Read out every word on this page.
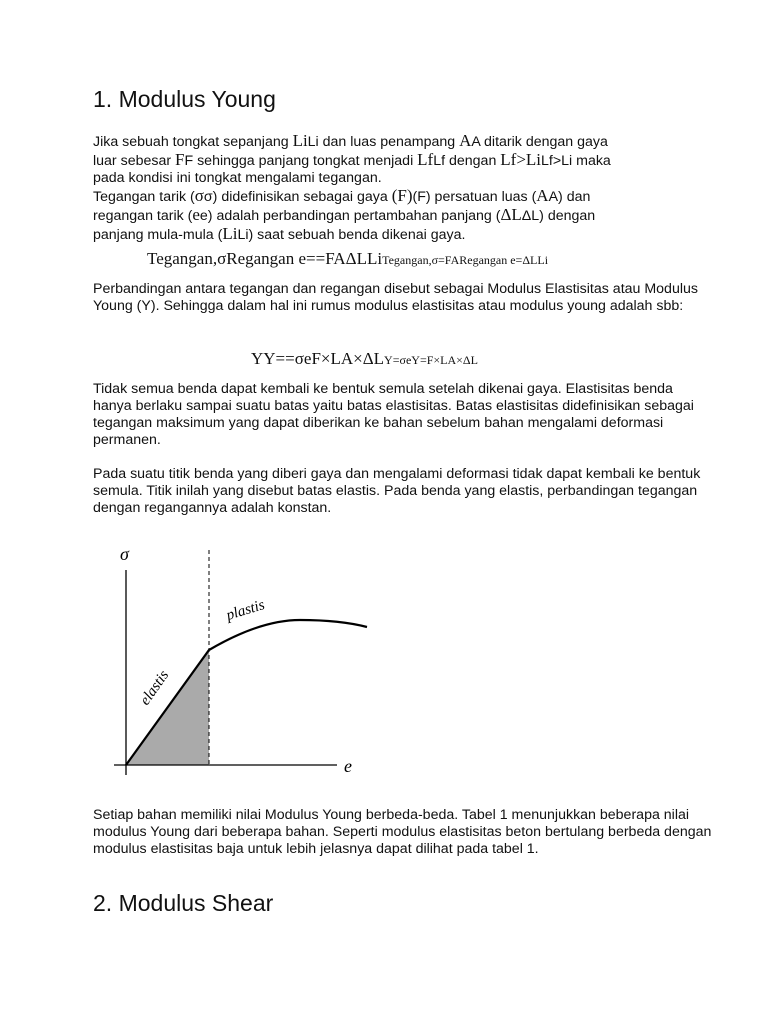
1. Modulus Young
Jika sebuah tongkat sepanjang LiLi dan luas penampang AA ditarik dengan gaya
luar sebesar FF sehingga panjang tongkat menjadi LfLf dengan Lf>LiLf>Li maka
pada kondisi ini tongkat mengalami tegangan.
Tegangan tarik (σσ) didefinisikan sebagai gaya (F)(F) persatuan luas (AA) dan
regangan tarik (ee) adalah perbandingan pertambahan panjang (ΔLΔL) dengan
panjang mula-mula (LiLi) saat sebuah benda dikenai gaya.
Tegangan,σRegangan e==FAΔLLiTegangan,σ=FARegangan e=ΔLLi

Perbandingan antara tegangan dan regangan disebut sebagai Modulus Elastisitas atau Modulus Young (Y). Sehingga dalam hal ini rumus modulus elastisitas atau modulus young adalah sbb:

YY==σeF×LA×ΔLY=σeY=F×LA×ΔL

Tidak semua benda dapat kembali ke bentuk semula setelah dikenai gaya. Elastisitas benda hanya berlaku sampai suatu batas yaitu batas elastisitas. Batas elastisitas didefinisikan sebagai tegangan maksimum yang dapat diberikan ke bahan sebelum bahan mengalami deformasi permanen.

Pada suatu titik benda yang diberi gaya dan mengalami deformasi tidak dapat kembali ke bentuk semula. Titik inilah yang disebut batas elastis. Pada benda yang elastis, perbandingan tegangan dengan regangannya adalah konstan.

σ
e
elastis
plastis

Setiap bahan memiliki nilai Modulus Young berbeda-beda. Tabel 1 menunjukkan beberapa nilai modulus Young dari beberapa bahan. Seperti modulus elastisitas beton bertulang berbeda dengan modulus elastisitas baja untuk lebih jelasnya dapat dilihat pada tabel 1.

2. Modulus Shear
